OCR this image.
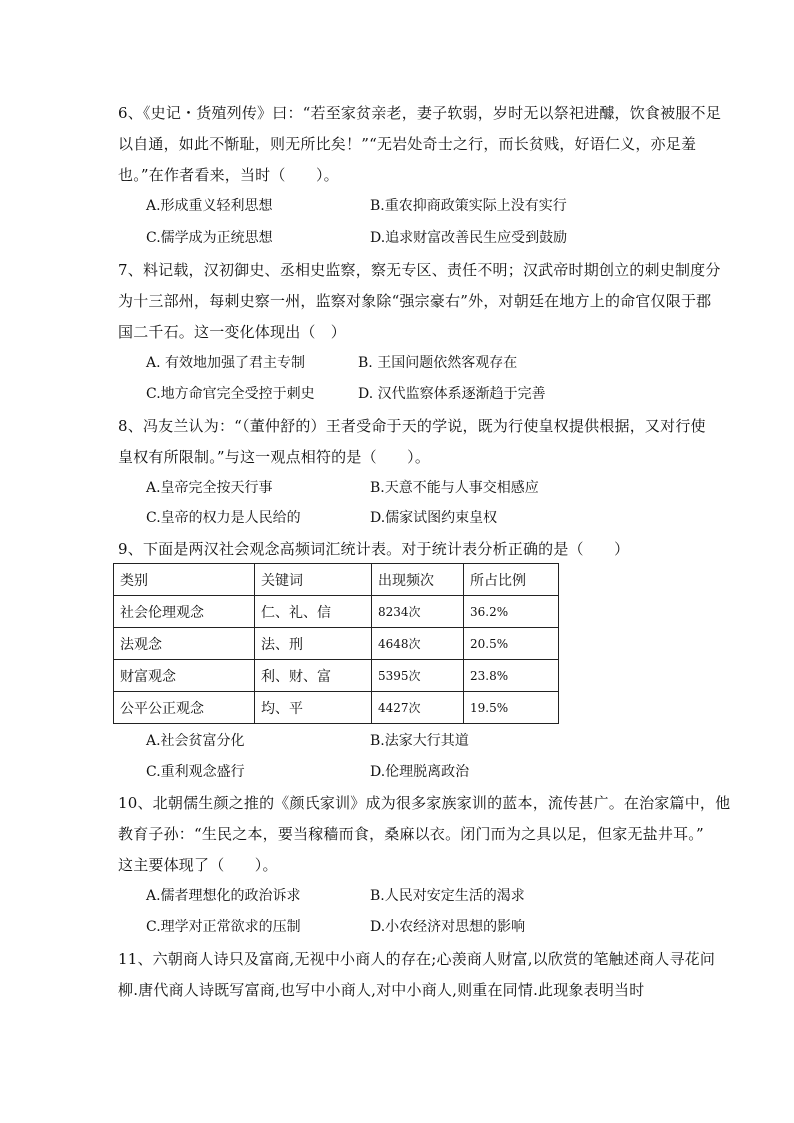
6、《史记・货殖列传》曰：“若至家贫亲老，妻子软弱，岁时无以祭祀进醵，饮食被服不足
以自通，如此不惭耻，则无所比矣！”“无岩处奇士之行，而长贫贱，好语仁义，亦足羞
也。”在作者看来，当时（　　）。
A.形成重义轻利思想	B.重农抑商政策实际上没有实行
C.儒学成为正统思想	D.追求财富改善民生应受到鼓励
7、料记载，汉初御史、丞相史监察，察无专区、责任不明；汉武帝时期创立的刺史制度分
为十三部州，每刺史察一州，监察对象除“强宗豪右”外，对朝廷在地方上的命官仅限于郡
国二千石。这一变化体现出（　）
A. 有效地加强了君主专制	B. 王国问题依然客观存在
C.地方命官完全受控于刺史	D. 汉代监察体系逐渐趋于完善
8、冯友兰认为：“（董仲舒的）王者受命于天的学说，既为行使皇权提供根据，又对行使
皇权有所限制。”与这一观点相符的是（　　）。
A.皇帝完全按天行事	B.天意不能与人事交相感应
C.皇帝的权力是人民给的	D.儒家试图约束皇权
9、下面是两汉社会观念高频词汇统计表。对于统计表分析正确的是（　　）
类别	关键词	出现频次	所占比例
社会伦理观念	仁、礼、信	8234次	36.2%
法观念	法、刑	4648次	20.5%
财富观念	利、财、富	5395次	23.8%
公平公正观念	均、平	4427次	19.5%
A.社会贫富分化	B.法家大行其道
C.重利观念盛行	D.伦理脱离政治
10、北朝儒生颜之推的《颜氏家训》成为很多家族家训的蓝本，流传甚广。在治家篇中，他
教育子孙：“生民之本，要当稼穑而食，桑麻以衣。闭门而为之具以足，但家无盐井耳。”
这主要体现了（　　）。
A.儒者理想化的政治诉求	B.人民对安定生活的渴求
C.理学对正常欲求的压制	D.小农经济对思想的影响
11、六朝商人诗只及富商,无视中小商人的存在;心羡商人财富,以欣赏的笔触述商人寻花问
柳.唐代商人诗既写富商,也写中小商人,对中小商人,则重在同情.此现象表明当时
